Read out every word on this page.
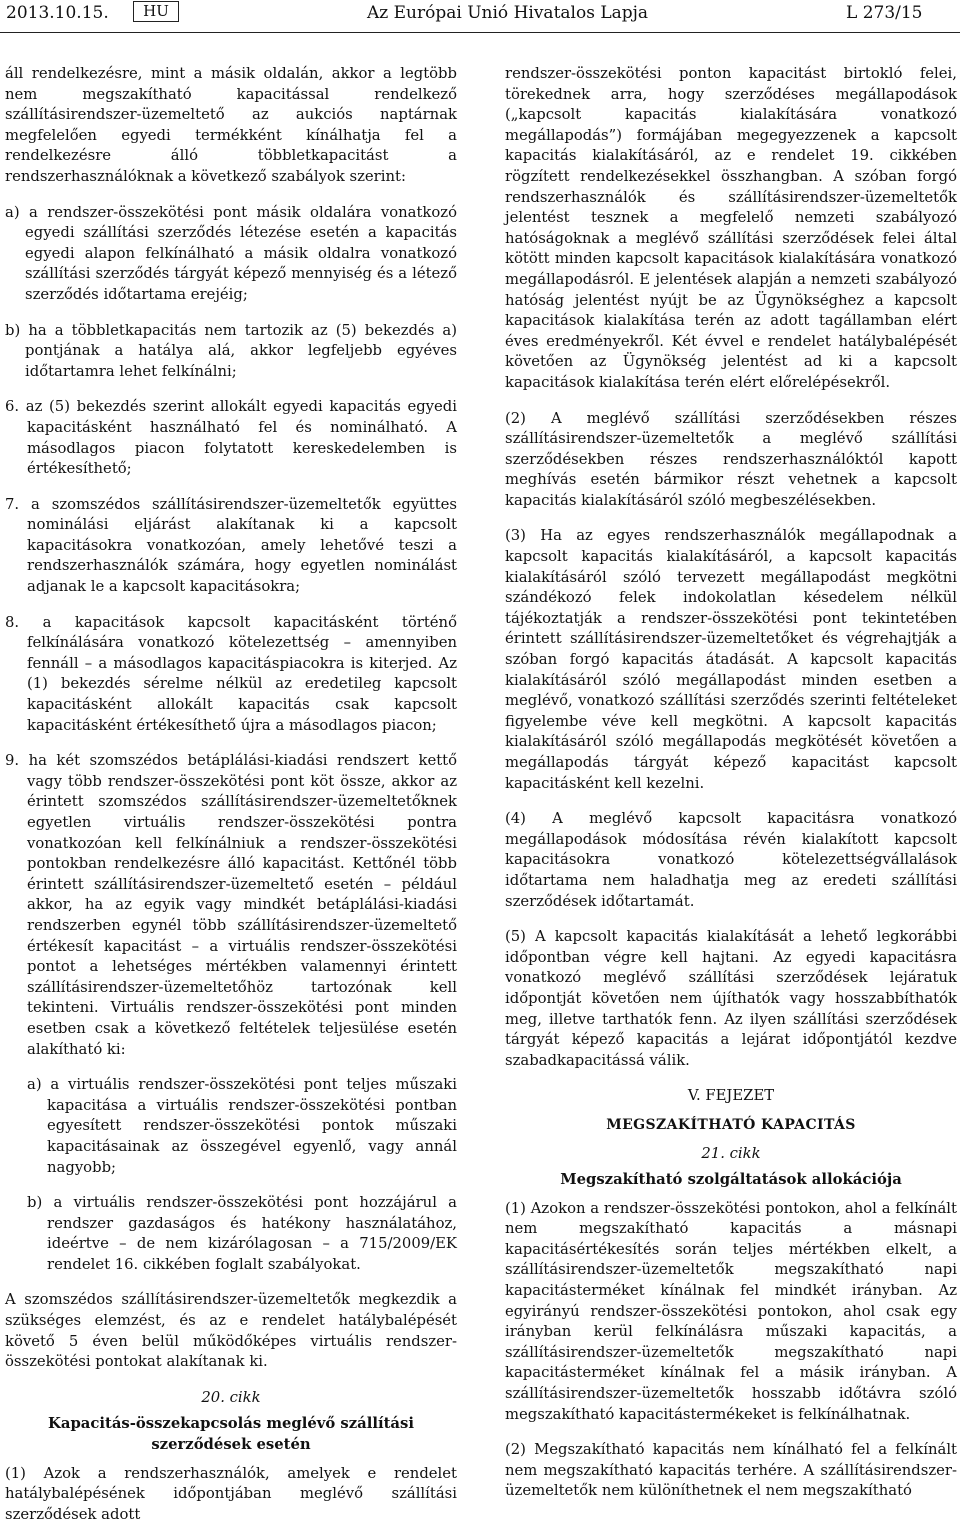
2013.10.15.	HU	Az Európai Unió Hivatalos Lapja	L 273/15

áll rendelkezésre, mint a másik oldalán, akkor a legtöbb nem megszakítható kapacitással rendelkező szállításirendszer-üzemeltető az aukciós naptárnak megfelelően egyedi termékként kínálhatja fel a rendelkezésre álló többletkapacitást a rendszerhasználóknak a következő szabályok szerint:

a) a rendszer-összekötési pont másik oldalára vonatkozó egyedi szállítási szerződés létezése esetén a kapacitás egyedi alapon felkínálható a másik oldalra vonatkozó szállítási szerződés tárgyát képező mennyiség és a létező szerződés időtartama erejéig;

b) ha a többletkapacitás nem tartozik az (5) bekezdés a) pontjának a hatálya alá, akkor legfeljebb egyéves időtartamra lehet felkínálni;

6. az (5) bekezdés szerint allokált egyedi kapacitás egyedi kapacitásként használható fel és nominálható. A másodlagos piacon folytatott kereskedelemben is értékesíthető;

7. a szomszédos szállításirendszer-üzemeltetők együttes nominálási eljárást alakítanak ki a kapcsolt kapacitásokra vonatkozóan, amely lehetővé teszi a rendszerhasználók számára, hogy egyetlen nominálást adjanak le a kapcsolt kapacitásokra;

8. a kapacitások kapcsolt kapacitásként történő felkínálására vonatkozó kötelezettség – amennyiben fennáll – a másodlagos kapacitáspiacokra is kiterjed. Az (1) bekezdés sérelme nélkül az eredetileg kapcsolt kapacitásként allokált kapacitás csak kapcsolt kapacitásként értékesíthető újra a másodlagos piacon;

9. ha két szomszédos betáplálási-kiadási rendszert kettő vagy több rendszer-összekötési pont köt össze, akkor az érintett szomszédos szállításirendszer-üzemeltetőknek egyetlen virtuális rendszer-összekötési pontra vonatkozóan kell felkínálniuk a rendszer-összekötési pontokban rendelkezésre álló kapacitást. Kettőnél több érintett szállításirendszer-üzemeltető esetén – például akkor, ha az egyik vagy mindkét betáplálási-kiadási rendszerben egynél több szállításirendszer-üzemeltető értékesít kapacitást – a virtuális rendszer-összekötési pontot a lehetséges mértékben valamennyi érintett szállításirendszer-üzemeltetőhöz tartozónak kell tekinteni. Virtuális rendszer-összekötési pont minden esetben csak a következő feltételek teljesülése esetén alakítható ki:

a) a virtuális rendszer-összekötési pont teljes műszaki kapacitása a virtuális rendszer-összekötési pontban egyesített rendszer-összekötési pontok műszaki kapacitásainak az összegével egyenlő, vagy annál nagyobb;

b) a virtuális rendszer-összekötési pont hozzájárul a rendszer gazdaságos és hatékony használatához, ideértve – de nem kizárólagosan – a 715/2009/EK rendelet 16. cikkében foglalt szabályokat.

A szomszédos szállításirendszer-üzemeltetők megkezdik a szükséges elemzést, és az e rendelet hatálybalépését követő 5 éven belül működőképes virtuális rendszer-összekötési pontokat alakítanak ki.

20. cikk

Kapacitás-összekapcsolás meglévő szállítási szerződések esetén

(1) Azok a rendszerhasználók, amelyek e rendelet hatálybalépésének időpontjában meglévő szállítási szerződések adott

rendszer-összekötési ponton kapacitást birtokló felei, törekednek arra, hogy szerződéses megállapodások („kapcsolt kapacitás kialakítására vonatkozó megállapodás”) formájában megegyezzenek a kapcsolt kapacitás kialakításáról, az e rendelet 19. cikkében rögzített rendelkezésekkel összhangban. A szóban forgó rendszerhasználók és szállításirendszer-üzemeltetők jelentést tesznek a megfelelő nemzeti szabályozó hatóságoknak a meglévő szállítási szerződések felei által kötött minden kapcsolt kapacitások kialakítására vonatkozó megállapodásról. E jelentések alapján a nemzeti szabályozó hatóság jelentést nyújt be az Ügynökséghez a kapcsolt kapacitások kialakítása terén az adott tagállamban elért éves eredményekről. Két évvel e rendelet hatálybalépését követően az Ügynökség jelentést ad ki a kapcsolt kapacitások kialakítása terén elért előrelépésekről.

(2) A meglévő szállítási szerződésekben részes szállításirendszer-üzemeltetők a meglévő szállítási szerződésekben részes rendszerhasználóktól kapott meghívás esetén bármikor részt vehetnek a kapcsolt kapacitás kialakításáról szóló megbeszélésekben.

(3) Ha az egyes rendszerhasználók megállapodnak a kapcsolt kapacitás kialakításáról, a kapcsolt kapacitás kialakításáról szóló tervezett megállapodást megkötni szándékozó felek indokolatlan késedelem nélkül tájékoztatják a rendszer-összekötési pont tekintetében érintett szállításirendszer-üzemeltetőket és végrehajtják a szóban forgó kapacitás átadását. A kapcsolt kapacitás kialakításáról szóló megállapodást minden esetben a meglévő, vonatkozó szállítási szerződés szerinti feltételeket figyelembe véve kell megkötni. A kapcsolt kapacitás kialakításáról szóló megállapodás megkötését követően a megállapodás tárgyát képező kapacitást kapcsolt kapacitásként kell kezelni.

(4) A meglévő kapcsolt kapacitásra vonatkozó megállapodások módosítása révén kialakított kapcsolt kapacitásokra vonatkozó kötelezettségvállalások időtartama nem haladhatja meg az eredeti szállítási szerződések időtartamát.

(5) A kapcsolt kapacitás kialakítását a lehető legkorábbi időpontban végre kell hajtani. Az egyedi kapacitásra vonatkozó meglévő szállítási szerződések lejáratuk időpontját követően nem újíthatók vagy hosszabbíthatók meg, illetve tarthatók fenn. Az ilyen szállítási szerződések tárgyát képező kapacitás a lejárat időpontjától kezdve szabadkapacitássá válik.

V. FEJEZET

MEGSZAKÍTHATÓ KAPACITÁS

21. cikk

Megszakítható szolgáltatások allokációja

(1) Azokon a rendszer-összekötési pontokon, ahol a felkínált nem megszakítható kapacitás a másnapi kapacitásértékesítés során teljes mértékben elkelt, a szállításirendszer-üzemeltetők megszakítható napi kapacitásterméket kínálnak fel mindkét irányban. Az egyirányú rendszer-összekötési pontokon, ahol csak egy irányban kerül felkínálásra műszaki kapacitás, a szállításirendszer-üzemeltetők megszakítható napi kapacitásterméket kínálnak fel a másik irányban. A szállításirendszer-üzemeltetők hosszabb időtávra szóló megszakítható kapacitástermékeket is felkínálhatnak.

(2) Megszakítható kapacitás nem kínálható fel a felkínált nem megszakítható kapacitás terhére. A szállításirendszer-üzemeltetők nem különíthetnek el nem megszakítható
